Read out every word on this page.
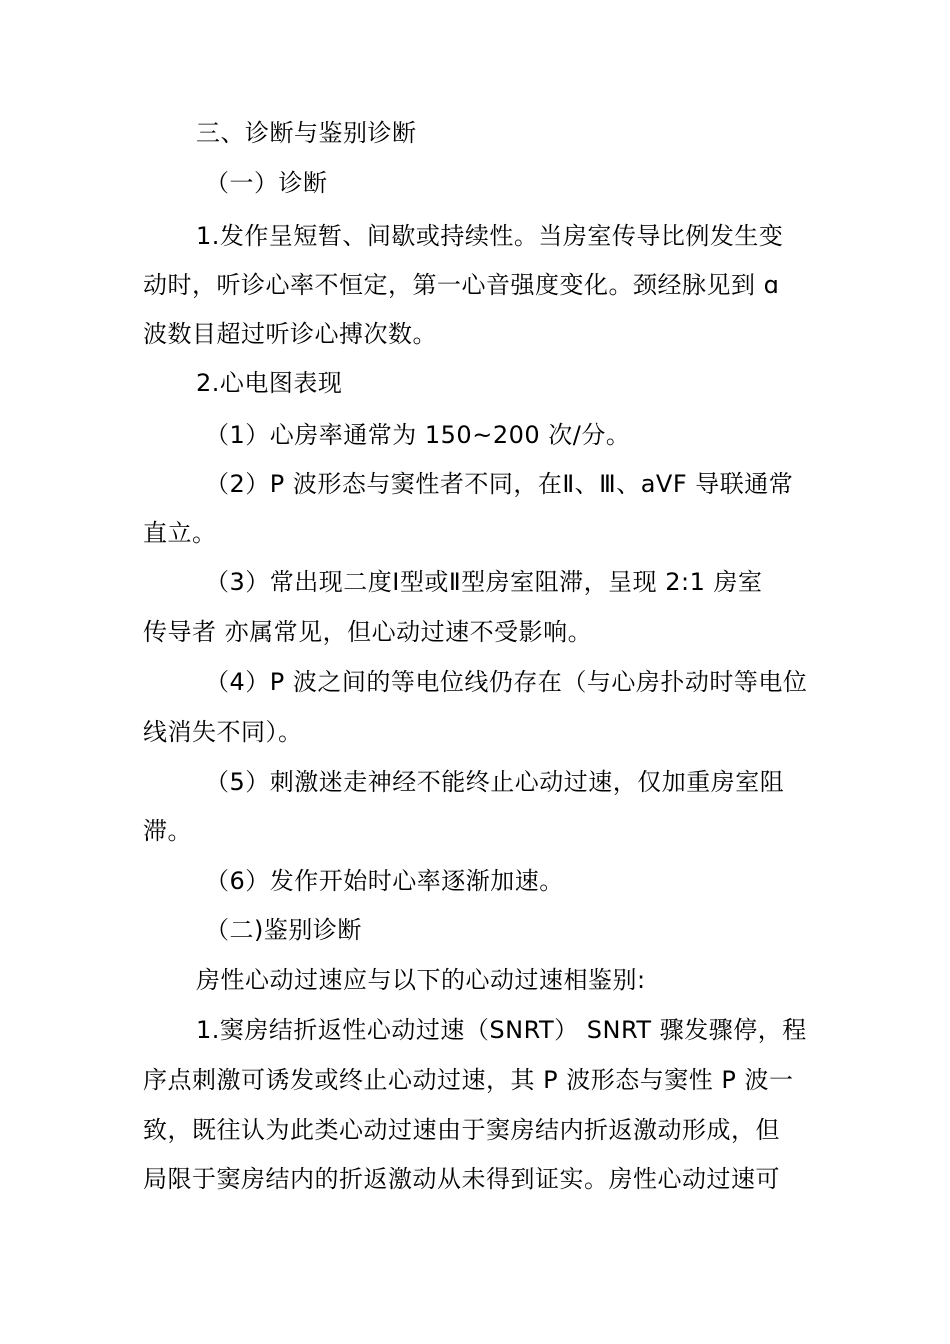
三、诊断与鉴别诊断

（一）诊断

1.发作呈短暂、间歇或持续性。当房室传导比例发生变

动时，听诊心率不恒定，第一心音强度变化。颈经脉见到 ɑ

波数目超过听诊心搏次数。

2.心电图表现

（1）心房率通常为 150~200 次/分。

（2）P 波形态与窦性者不同，在Ⅱ、Ⅲ、aVF 导联通常

直立。

（3）常出现二度Ⅰ型或Ⅱ型房室阻滞，呈现 2:1 房室

传导者 亦属常见，但心动过速不受影响。

（4）P 波之间的等电位线仍存在（与心房扑动时等电位

线消失不同）。

（5）刺激迷走神经不能终止心动过速，仅加重房室阻

滞。

（6）发作开始时心率逐渐加速。

（二)鉴别诊断

房性心动过速应与以下的心动过速相鉴别:

1.窦房结折返性心动过速（SNRT） SNRT 骤发骤停，程

序点刺激可诱发或终止心动过速，其 P 波形态与窦性 P 波一

致，既往认为此类心动过速由于窦房结内折返激动形成，但

局限于窦房结内的折返激动从未得到证实。房性心动过速可
